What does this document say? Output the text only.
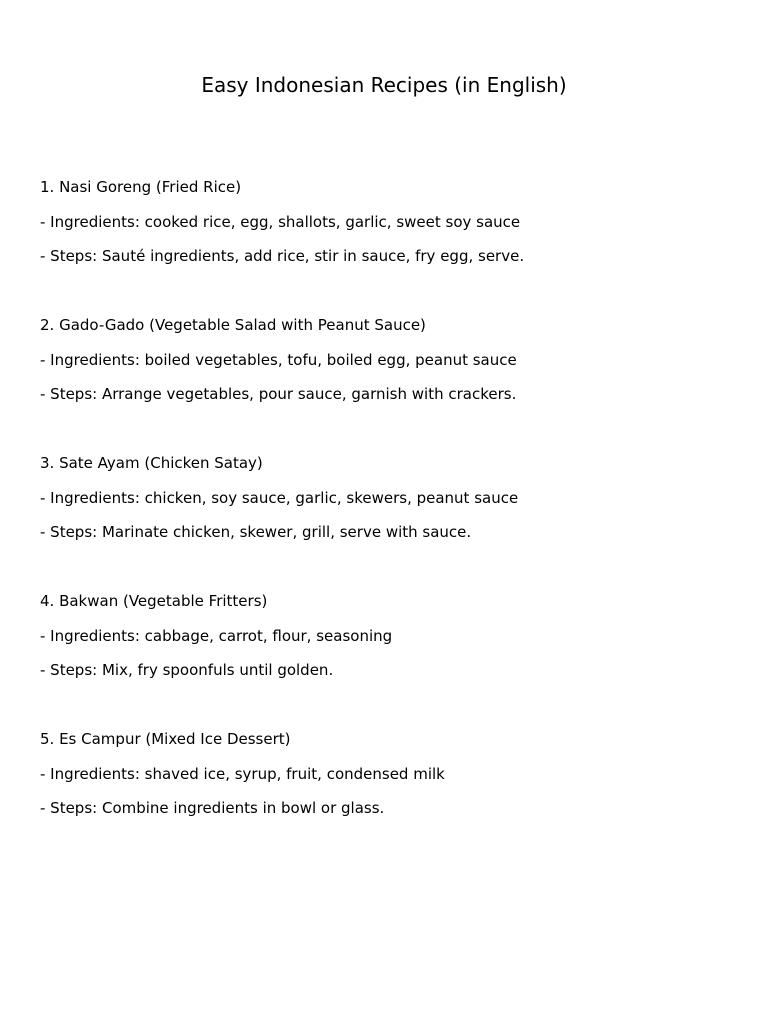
Easy Indonesian Recipes (in English)
1. Nasi Goreng (Fried Rice)
- Ingredients: cooked rice, egg, shallots, garlic, sweet soy sauce
- Steps: Sauté ingredients, add rice, stir in sauce, fry egg, serve.
2. Gado-Gado (Vegetable Salad with Peanut Sauce)
- Ingredients: boiled vegetables, tofu, boiled egg, peanut sauce
- Steps: Arrange vegetables, pour sauce, garnish with crackers.
3. Sate Ayam (Chicken Satay)
- Ingredients: chicken, soy sauce, garlic, skewers, peanut sauce
- Steps: Marinate chicken, skewer, grill, serve with sauce.
4. Bakwan (Vegetable Fritters)
- Ingredients: cabbage, carrot, flour, seasoning
- Steps: Mix, fry spoonfuls until golden.
5. Es Campur (Mixed Ice Dessert)
- Ingredients: shaved ice, syrup, fruit, condensed milk
- Steps: Combine ingredients in bowl or glass.
